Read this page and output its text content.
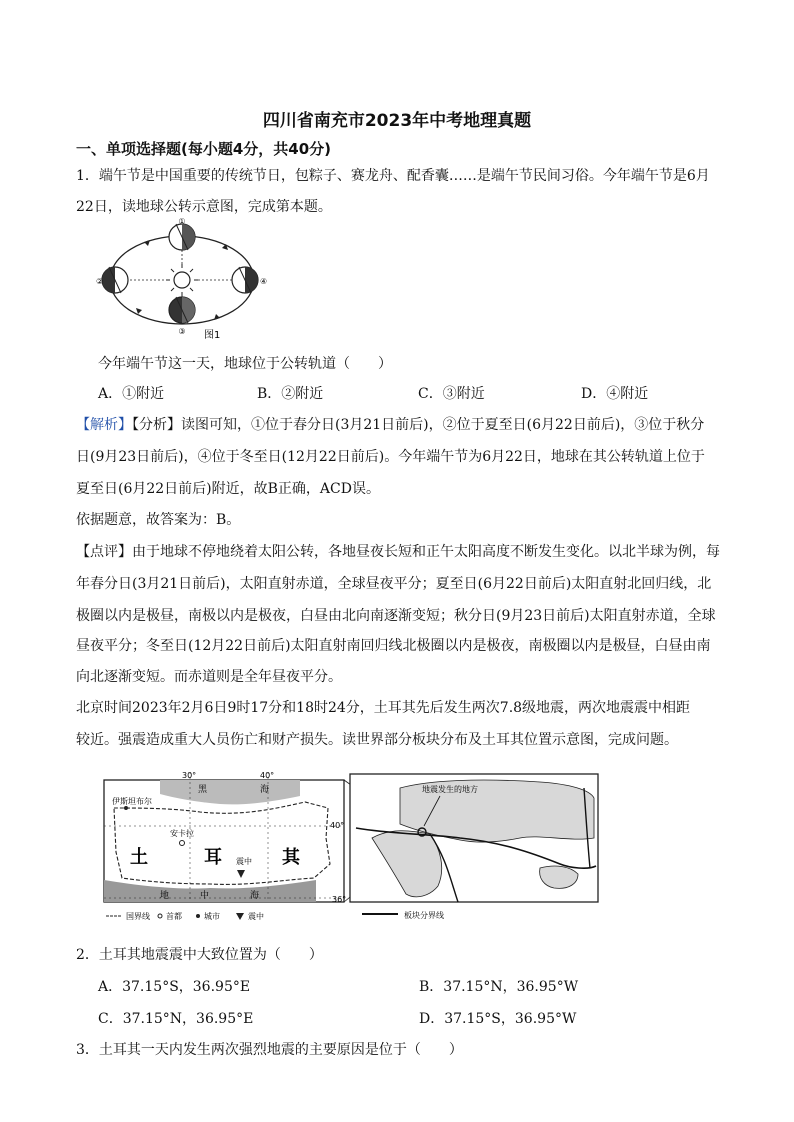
四川省南充市2023年中考地理真题
一、单项选择题(每小题4分，共40分)
1．端午节是中国重要的传统节日，包粽子、赛龙舟、配香囊……是端午节民间习俗。今年端午节是6月
22日，读地球公转示意图，完成第本题。
①
②	④
③ 图1
今年端午节这一天，地球位于公转轨道（　　）
A．①附近	B．②附近	C．③附近	D．④附近
【解析】【分析】读图可知，①位于春分日(3月21日前后)，②位于夏至日(6月22日前后)，③位于秋分
日(9月23日前后)，④位于冬至日(12月22日前后)。今年端午节为6月22日，地球在其公转轨道上位于
夏至日(6月22日前后)附近，故B正确，ACD误。
依据题意，故答案为：B。
【点评】由于地球不停地绕着太阳公转，各地昼夜长短和正午太阳高度不断发生变化。以北半球为例，每
年春分日(3月21日前后)，太阳直射赤道，全球昼夜平分；夏至日(6月22日前后)太阳直射北回归线，北
极圈以内是极昼，南极以内是极夜，白昼由北向南逐渐变短；秋分日(9月23日前后)太阳直射赤道，全球
昼夜平分；冬至日(12月22日前后)太阳直射南回归线北极圈以内是极夜，南极圈以内是极昼，白昼由南
向北逐渐变短。而赤道则是全年昼夜平分。
北京时间2023年2月6日9时17分和18时24分，土耳其先后发生两次7.8级地震，两次地震震中相距
较近。强震造成重大人员伤亡和财产损失。读世界部分板块分布及土耳其位置示意图，完成问题。
30°	40°
40°
36°
黑	海
伊斯坦布尔
安卡拉
土	耳	其
震中
地	中	海
国界线 首都	城市	震中
地震发生的地方
板块分界线
2．土耳其地震震中大致位置为（　　）
A．37.15°S，36.95°E	B．37.15°N，36.95°W
C．37.15°N，36.95°E	D．37.15°S，36.95°W
3．土耳其一天内发生两次强烈地震的主要原因是位于（　　）
